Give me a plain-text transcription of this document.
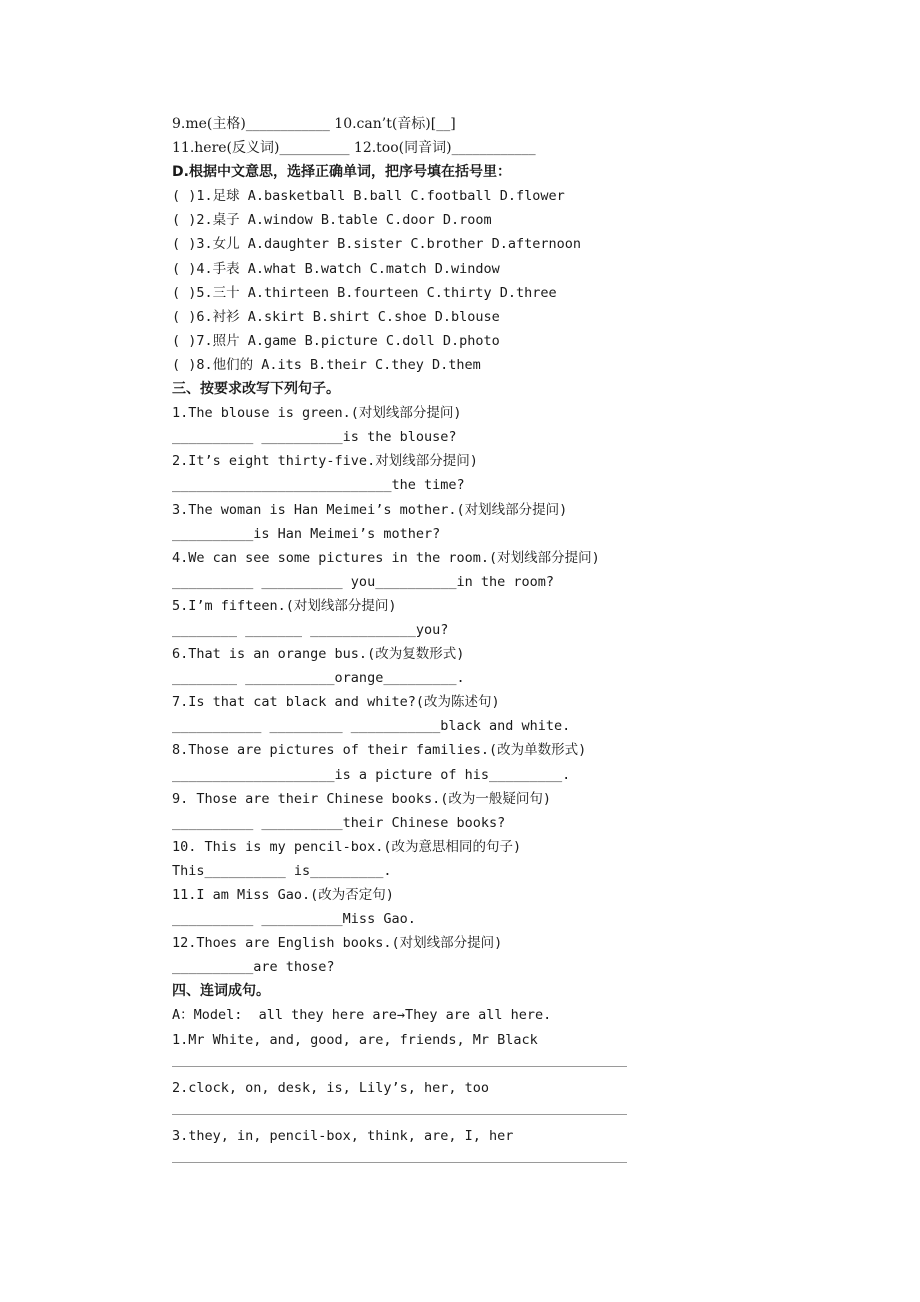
9.me(主格)____________ 10.can’t(音标)[__]
11.here(反义词)__________ 12.too(同音词)____________
D.根据中文意思，选择正确单词，把序号填在括号里：
( )1.足球 A.basketball B.ball C.football D.flower
( )2.桌子 A.window B.table C.door D.room
( )3.女儿 A.daughter B.sister C.brother D.afternoon
( )4.手表 A.what B.watch C.match D.window
( )5.三十 A.thirteen B.fourteen C.thirty D.three
( )6.衬衫 A.skirt B.shirt C.shoe D.blouse
( )7.照片 A.game B.picture C.doll D.photo
( )8.他们的 A.its B.their C.they D.them
三、按要求改写下列句子。
1.The blouse is green.(对划线部分提问)
__________ __________is the blouse?
2.It’s eight thirty-five.对划线部分提问)
___________________________the time?
3.The woman is Han Meimei’s mother.(对划线部分提问)
__________is Han Meimei’s mother?
4.We can see some pictures in the room.(对划线部分提问)
__________ __________ you__________in the room?
5.I’m fifteen.(对划线部分提问)
________ _______ _____________you?
6.That is an orange bus.(改为复数形式)
________ ___________orange_________.
7.Is that cat black and white?(改为陈述句)
___________ _________ ___________black and white.
8.Those are pictures of their families.(改为单数形式)
____________________is a picture of his_________.
9. Those are their Chinese books.(改为一般疑问句)
__________ __________their Chinese books?
10. This is my pencil-box.(改为意思相同的句子)
This__________ is_________.
11.I am Miss Gao.(改为否定句)
__________ __________Miss Gao.
12.Thoes are English books.(对划线部分提问)
__________are those?
四、连词成句。
A：Model:  all they here are→They are all here.
1.Mr White, and, good, are, friends, Mr Black
2.clock, on, desk, is, Lily’s, her, too
3.they, in, pencil-box, think, are, I, her
